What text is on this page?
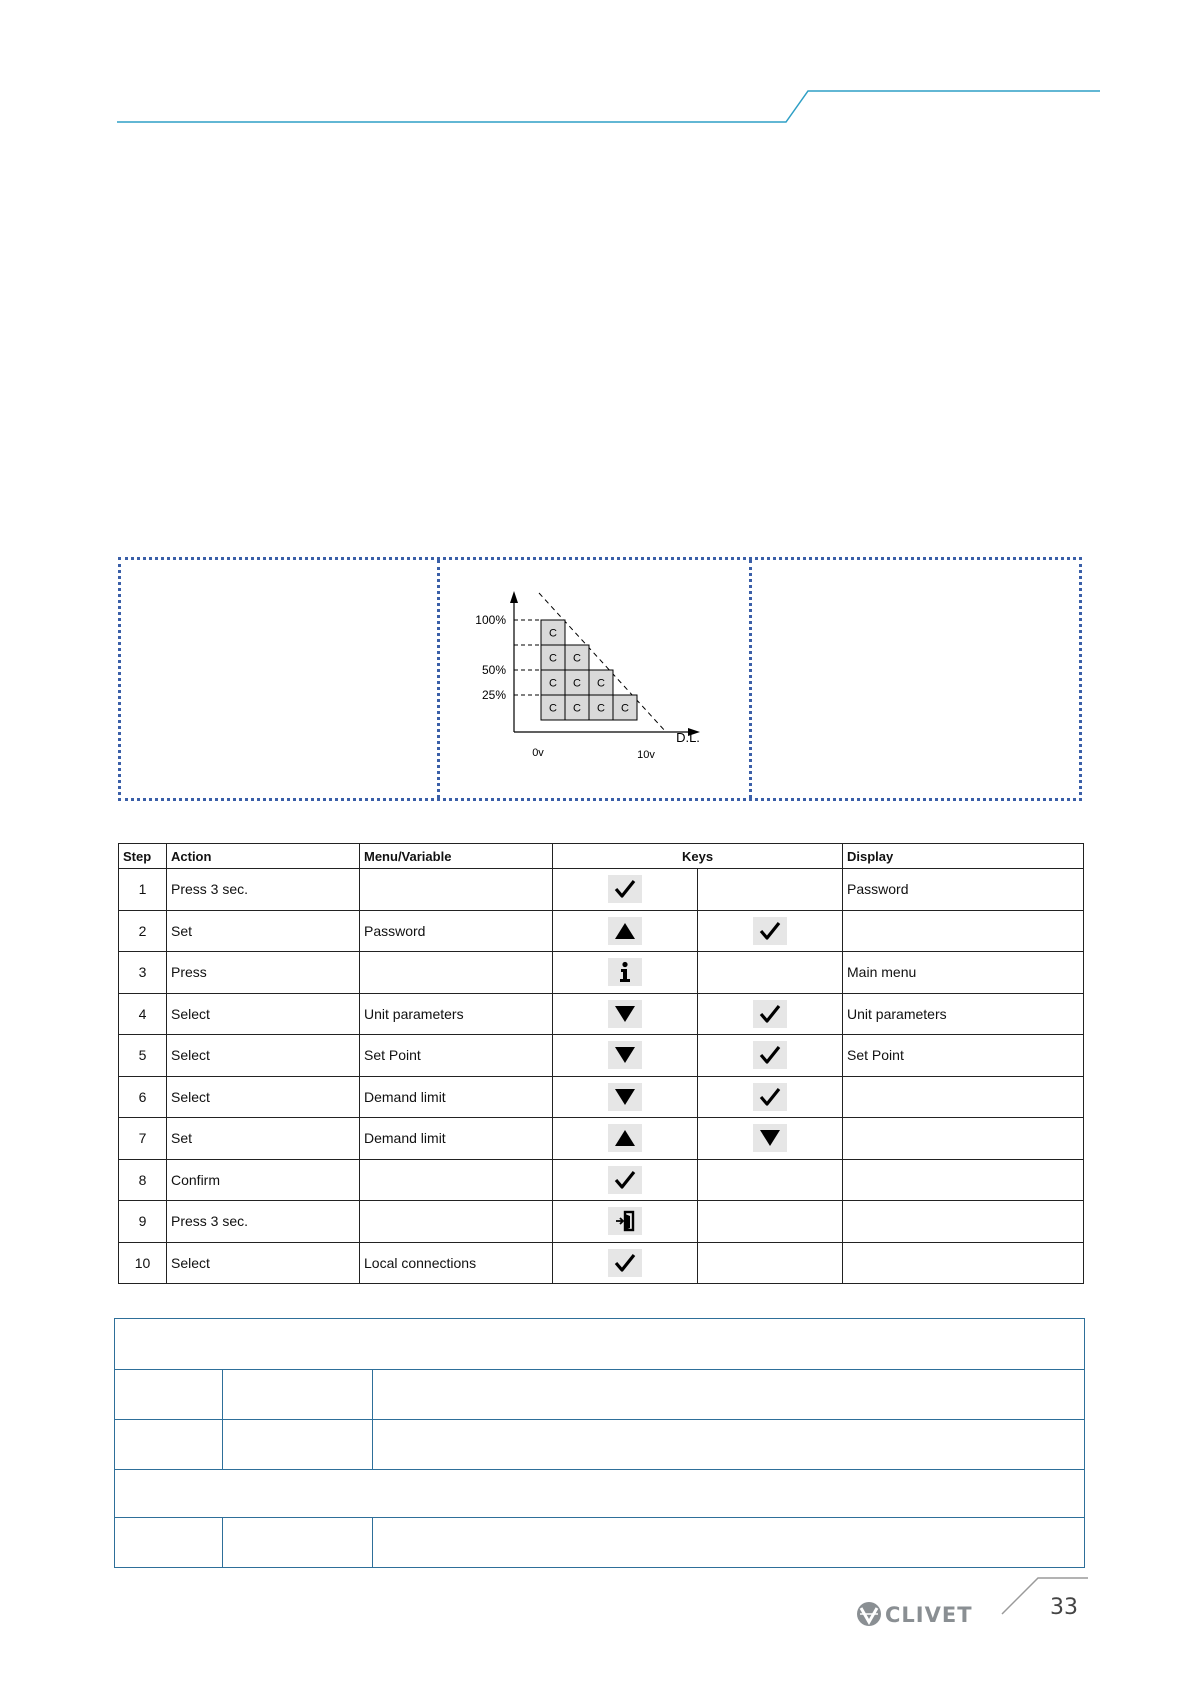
C
C
C
C
C
C
C
C
C
C
100%
50%
25%
0v	10v
D.L.
Step	Action	Menu/Variable	Keys		Display
1	Press 3 sec.				Password
2	Set	Password	

3	Press				Main menu
4	Select	Unit parameters			Unit parameters
5	Select	Set Point			Set Point
6	Select	Demand limit	

7	Set	Demand limit	

8	Confirm		

9	Press 3 sec.		

10	Select	Local connections	

CLIVET	33
